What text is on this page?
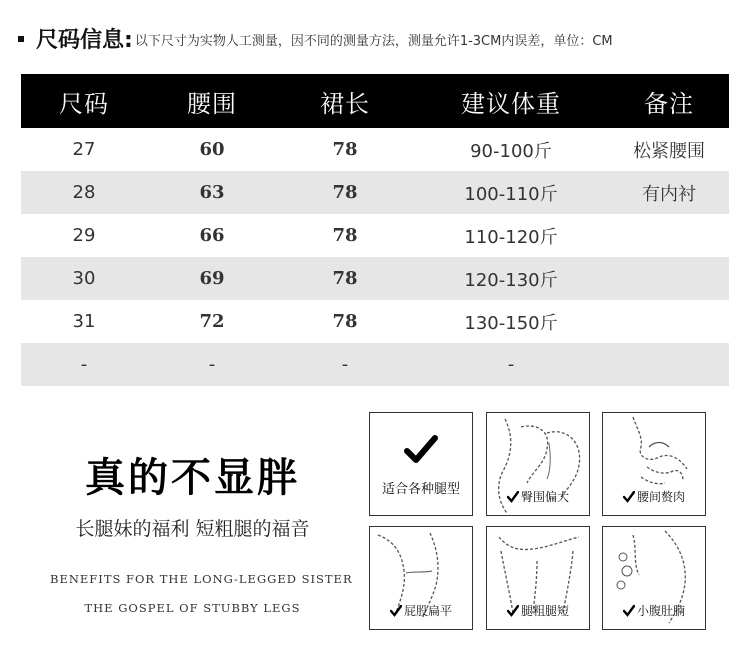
尺码信息: 以下尺寸为实物人工测量，因不同的测量方法，测量允许1-3CM内误差，单位：CM
尺码	腰围	裙长	建议体重	备注
27	60	78	90-100斤	松紧腰围
28	63	78	100-110斤	有内衬
29	66	78	110-120斤	
30	69	78	120-130斤	
31	72	78	130-150斤	
-	-	-	-	
真的不显胖
长腿妹的福利 短粗腿的福音
BENEFITS FOR THE LONG-LEGGED SISTER
THE GOSPEL OF STUBBY LEGS
适合各种腿型	臀围偏大	腰间赘肉
屁股扁平	腿粗腿短	小腹肚腩
